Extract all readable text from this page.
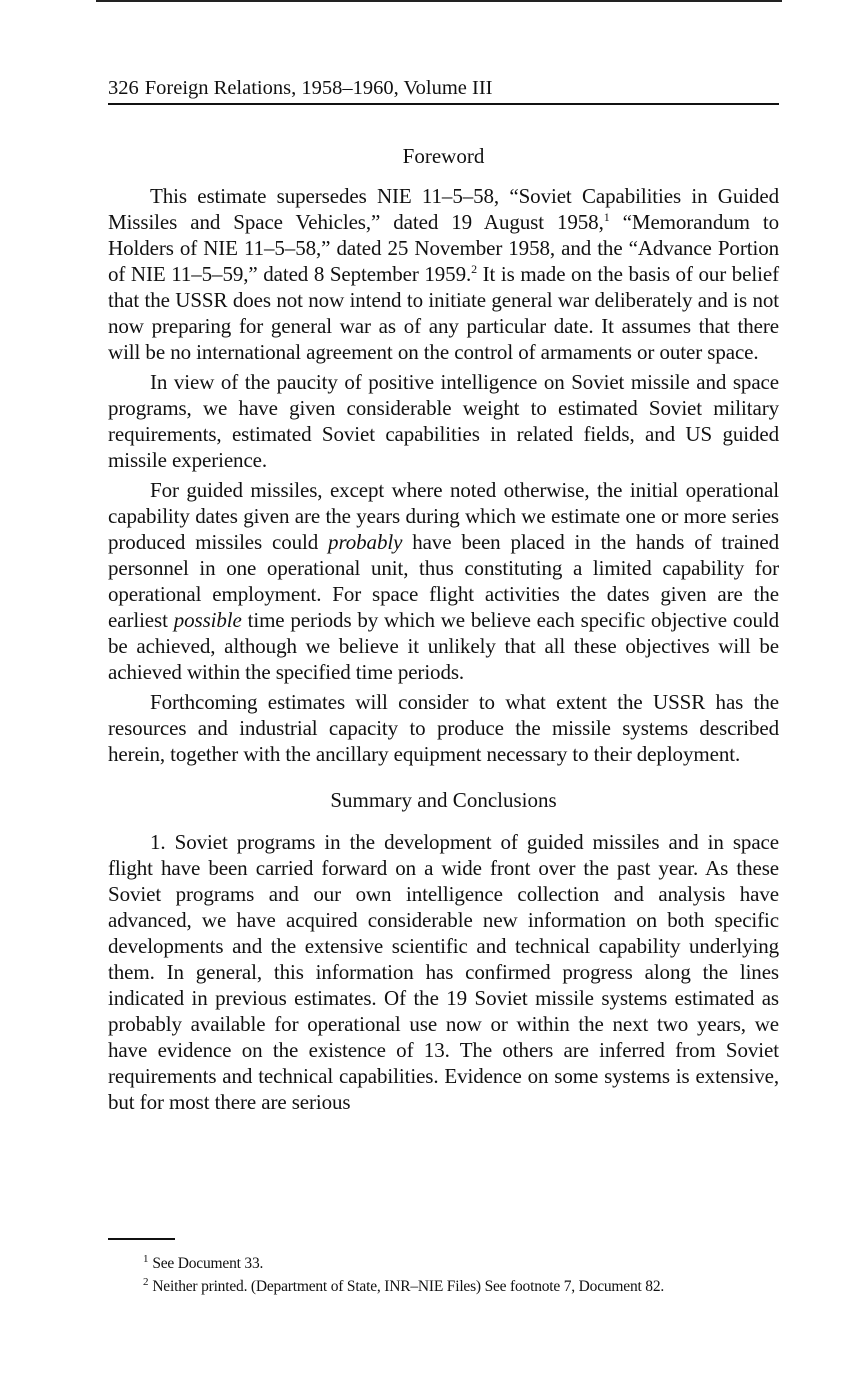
326 Foreign Relations, 1958–1960, Volume III
Foreword

This estimate supersedes NIE 11–5–58, “Soviet Capabilities in Guided Missiles and Space Vehicles,” dated 19 August 1958,$^1$ “Memorandum to Holders of NIE 11–5–58,” dated 25 November 1958, and the “Advance Portion of NIE 11–5–59,” dated 8 September 1959.$^2$ It is made on the basis of our belief that the USSR does not now intend to initiate general war deliberately and is not now preparing for general war as of any particular date. It assumes that there will be no international agreement on the control of armaments or outer space.

In view of the paucity of positive intelligence on Soviet missile and space programs, we have given considerable weight to estimated Soviet military requirements, estimated Soviet capabilities in related fields, and US guided missile experience.

For guided missiles, except where noted otherwise, the initial operational capability dates given are the years during which we estimate one or more series produced missiles could probably have been placed in the hands of trained personnel in one operational unit, thus constituting a limited capability for operational employment. For space flight activities the dates given are the earliest possible time periods by which we believe each specific objective could be achieved, although we believe it unlikely that all these objectives will be achieved within the specified time periods.

Forthcoming estimates will consider to what extent the USSR has the resources and industrial capacity to produce the missile systems described herein, together with the ancillary equipment necessary to their deployment.

Summary and Conclusions

1. Soviet programs in the development of guided missiles and in space flight have been carried forward on a wide front over the past year. As these Soviet programs and our own intelligence collection and analysis have advanced, we have acquired considerable new information on both specific developments and the extensive scientific and technical capability underlying them. In general, this information has confirmed progress along the lines indicated in previous estimates. Of the 19 Soviet missile systems estimated as probably available for operational use now or within the next two years, we have evidence on the existence of 13. The others are inferred from Soviet requirements and technical capabilities. Evidence on some systems is extensive, but for most there are serious

$^1$ See Document 33.
$^2$ Neither printed. (Department of State, INR–NIE Files) See footnote 7, Document 82.
